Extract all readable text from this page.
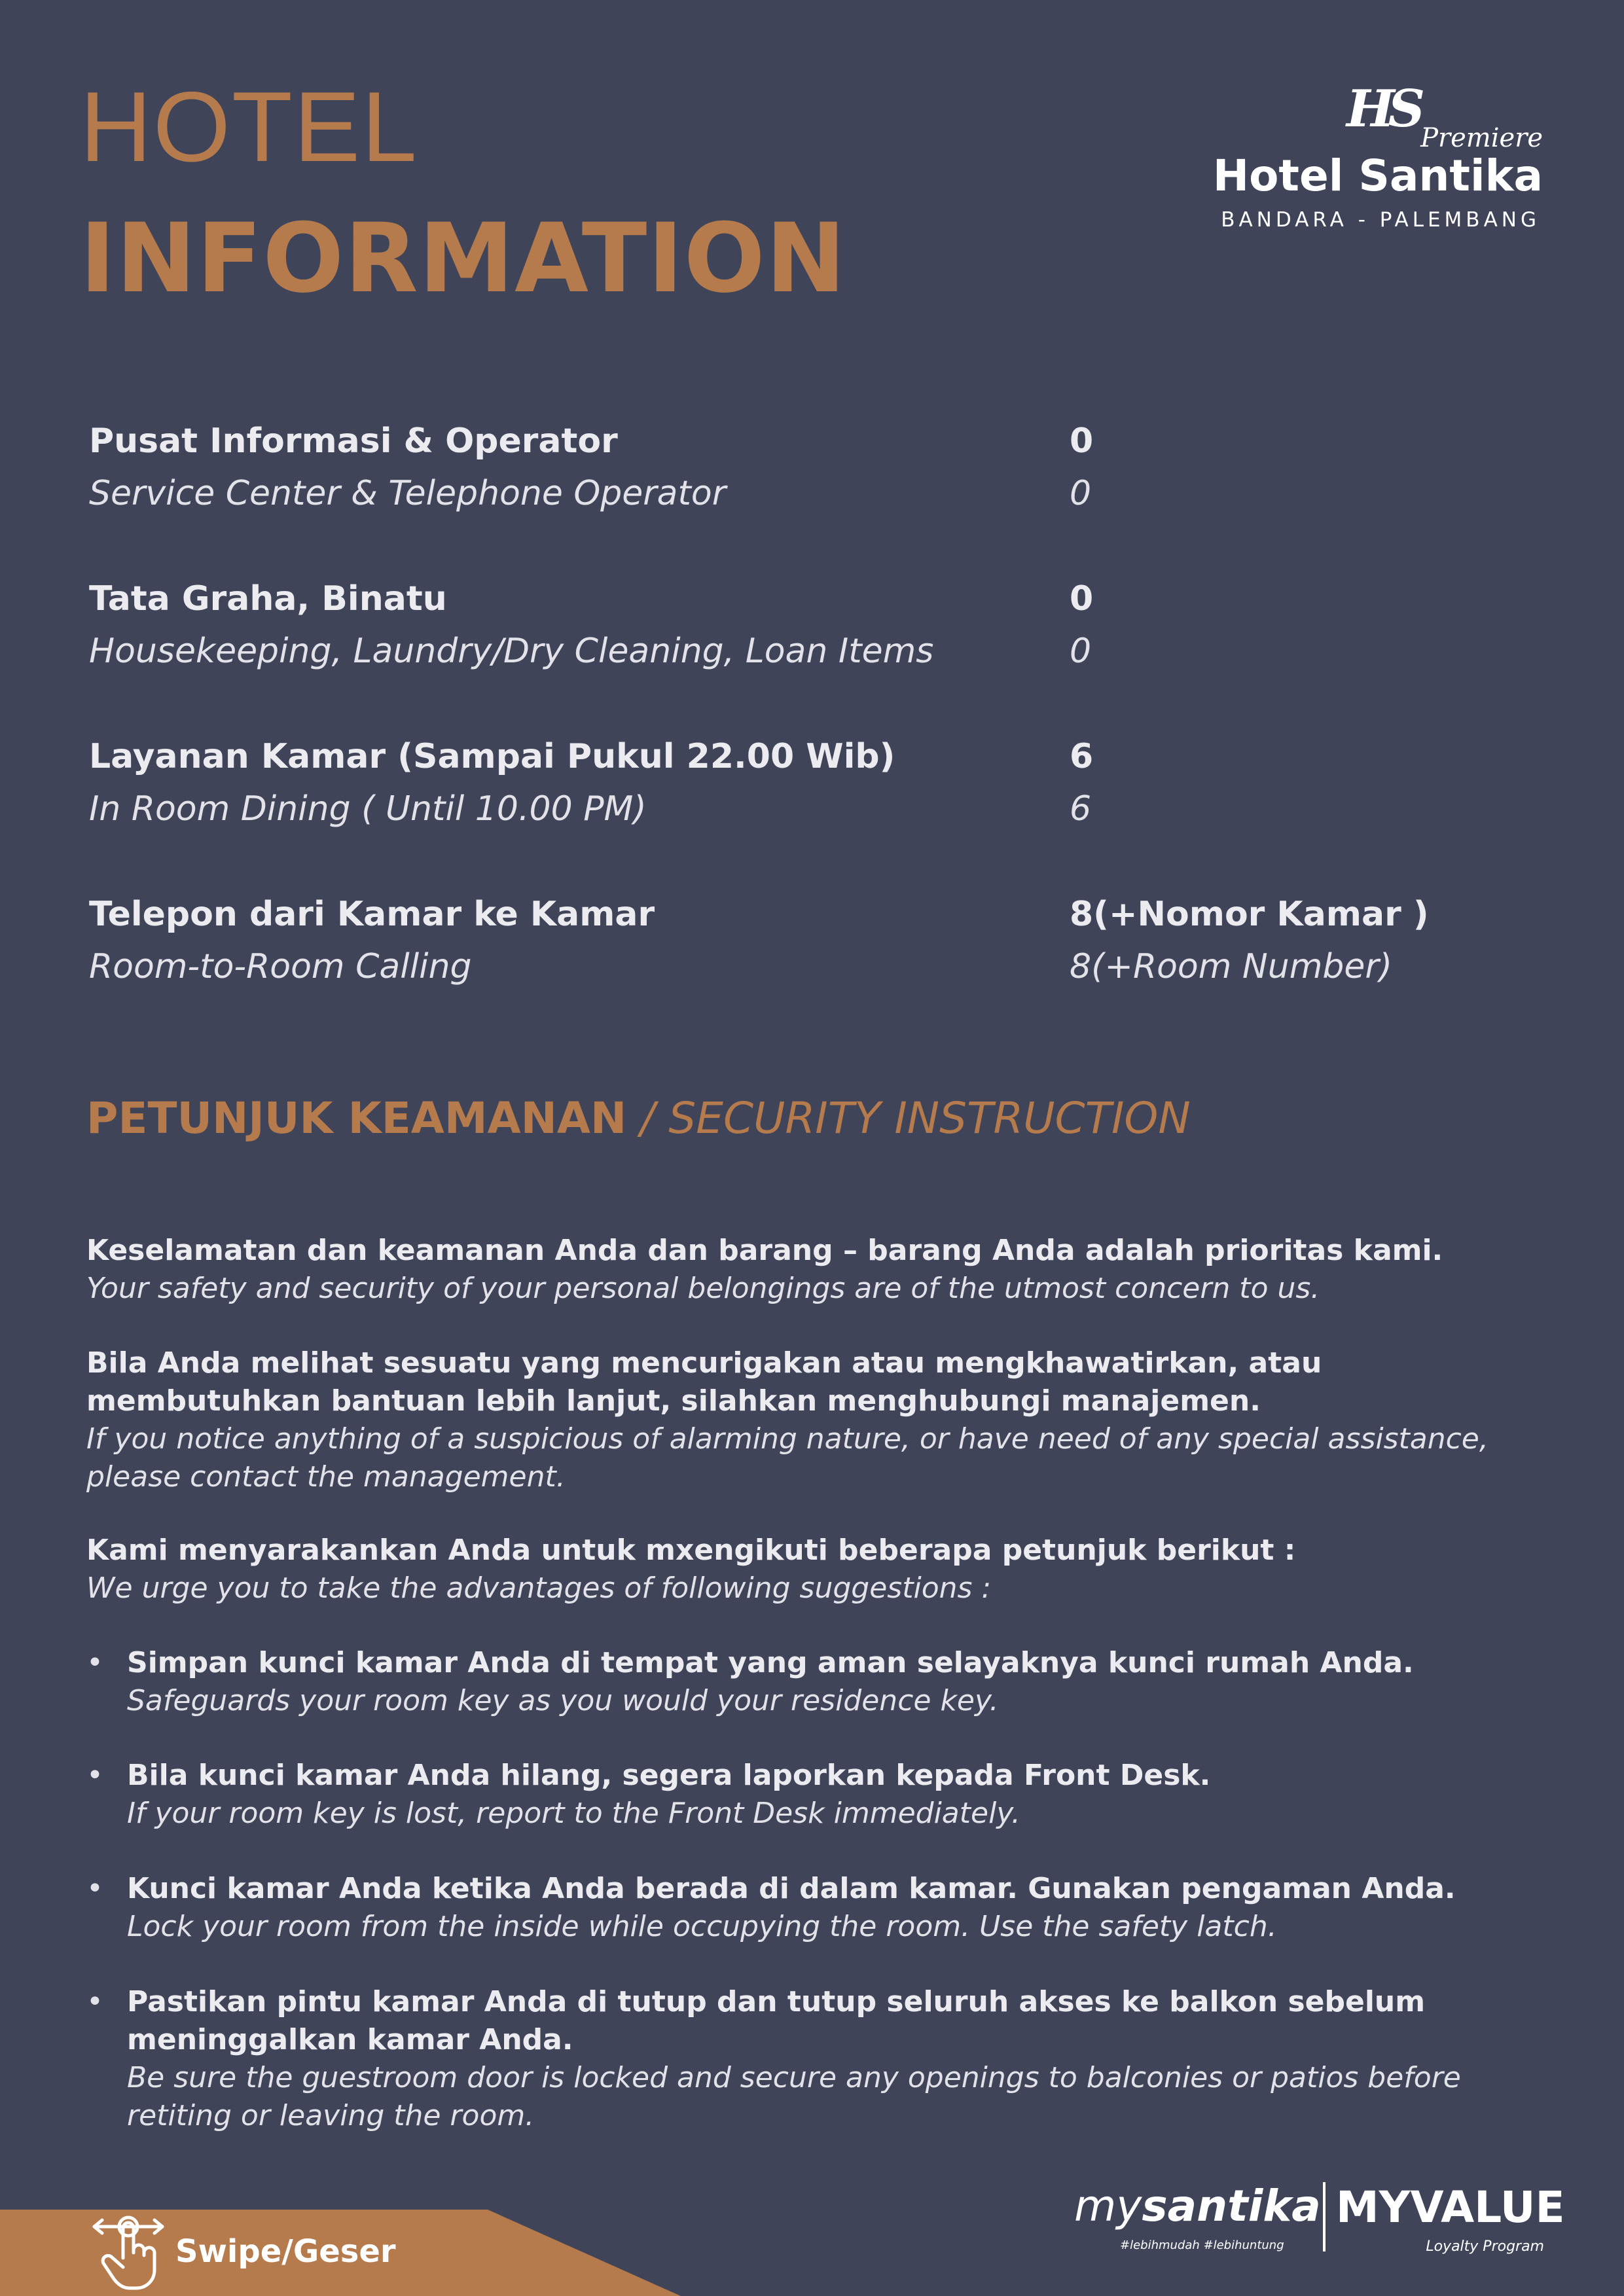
HOTEL
INFORMATION
HS Premiere
Hotel Santika
BANDARA - PALEMBANG
Pusat Informasi & Operator
Service Center & Telephone Operator
0
0
Tata Graha, Binatu
Housekeeping, Laundry/Dry Cleaning, Loan Items
0
0
Layanan Kamar (Sampai Pukul 22.00 Wib)
In Room Dining ( Until 10.00 PM)
6
6
Telepon dari Kamar ke Kamar
Room-to-Room Calling
8(+Nomor Kamar )
8(+Room Number)
PETUNJUK KEAMANAN / SECURITY INSTRUCTION
Keselamatan dan keamanan Anda dan barang – barang Anda adalah prioritas kami.
Your safety and security of your personal belongings are of the utmost concern to us.
Bila Anda melihat sesuatu yang mencurigakan atau mengkhawatirkan, atau membutuhkan bantuan lebih lanjut, silahkan menghubungi manajemen.
If you notice anything of a suspicious of alarming nature, or have need of any special assistance, please contact the management.
Kami menyarakankan Anda untuk mxengikuti beberapa petunjuk berikut :
We urge you to take the advantages of following suggestions :
• Simpan kunci kamar Anda di tempat yang aman selayaknya kunci rumah Anda.
Safeguards your room key as you would your residence key.
• Bila kunci kamar Anda hilang, segera laporkan kepada Front Desk.
If your room key is lost, report to the Front Desk immediately.
• Kunci kamar Anda ketika Anda berada di dalam kamar. Gunakan pengaman Anda.
Lock your room from the inside while occupying the room. Use the safety latch.
• Pastikan pintu kamar Anda di tutup dan tutup seluruh akses ke balkon sebelum meninggalkan kamar Anda.
Be sure the guestroom door is locked and secure any openings to balconies or patios before retiting or leaving the room.
Swipe/Geser
mysantika
#lebihmudah #lebihuntung
MYVALUE
Loyalty Program
